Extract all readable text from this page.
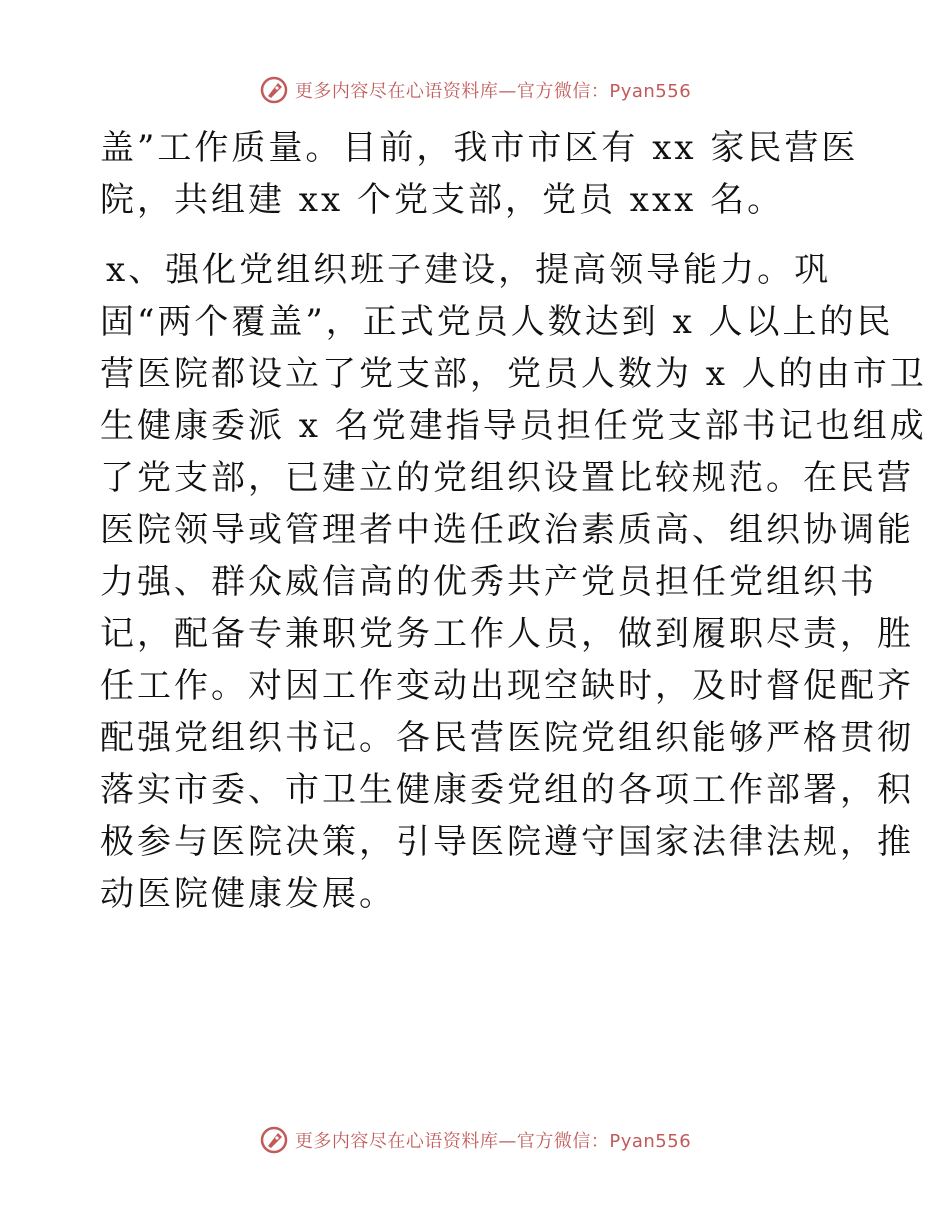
更多内容尽在心语资料库—官方微信：Pyan556
盖”工作质量。目前，我市市区有 xx 家民营医
院，共组建 xx 个党支部，党员 xxx 名。
x、强化党组织班子建设，提高领导能力。巩
固“两个覆盖”，正式党员人数达到 x 人以上的民
营医院都设立了党支部，党员人数为 x 人的由市卫
生健康委派 x 名党建指导员担任党支部书记也组成
了党支部，已建立的党组织设置比较规范。在民营
医院领导或管理者中选任政治素质高、组织协调能
力强、群众威信高的优秀共产党员担任党组织书
记，配备专兼职党务工作人员，做到履职尽责，胜
任工作。对因工作变动出现空缺时，及时督促配齐
配强党组织书记。各民营医院党组织能够严格贯彻
落实市委、市卫生健康委党组的各项工作部署，积
极参与医院决策，引导医院遵守国家法律法规，推
动医院健康发展。
更多内容尽在心语资料库—官方微信：Pyan556
